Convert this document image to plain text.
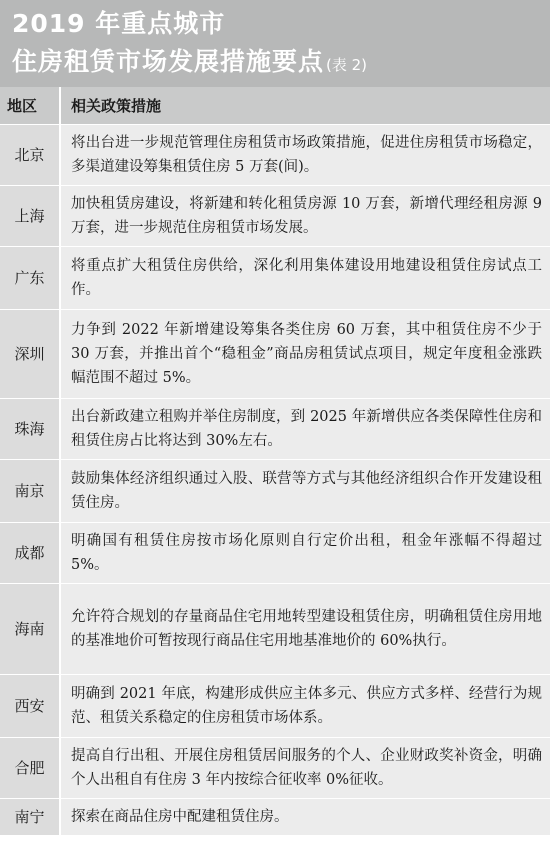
2019 年重点城市
住房租赁市场发展措施要点 (表 2)
地区	相关政策措施
北京	将出台进一步规范管理住房租赁市场政策措施，促进住房租赁市场稳定，多渠道建设筹集租赁住房 5 万套(间)。
上海	加快租赁房建设，将新建和转化租赁房源 10 万套，新增代理经租房源 9 万套，进一步规范住房租赁市场发展。
广东	将重点扩大租赁住房供给，深化利用集体建设用地建设租赁住房试点工作。
深圳	力争到 2022 年新增建设筹集各类住房 60 万套，其中租赁住房不少于 30 万套，并推出首个“稳租金”商品房租赁试点项目，规定年度租金涨跌幅范围不超过 5%。
珠海	出台新政建立租购并举住房制度，到 2025 年新增供应各类保障性住房和租赁住房占比将达到 30%左右。
南京	鼓励集体经济组织通过入股、联营等方式与其他经济组织合作开发建设租赁住房。
成都	明确国有租赁住房按市场化原则自行定价出租，租金年涨幅不得超过 5%。
海南	允许符合规划的存量商品住宅用地转型建设租赁住房，明确租赁住房用地的基准地价可暂按现行商品住宅用地基准地价的 60%执行。
西安	明确到 2021 年底，构建形成供应主体多元、供应方式多样、经营行为规范、租赁关系稳定的住房租赁市场体系。
合肥	提高自行出租、开展住房租赁居间服务的个人、企业财政奖补资金，明确个人出租自有住房 3 年内按综合征收率 0%征收。
南宁	探索在商品住房中配建租赁住房。
